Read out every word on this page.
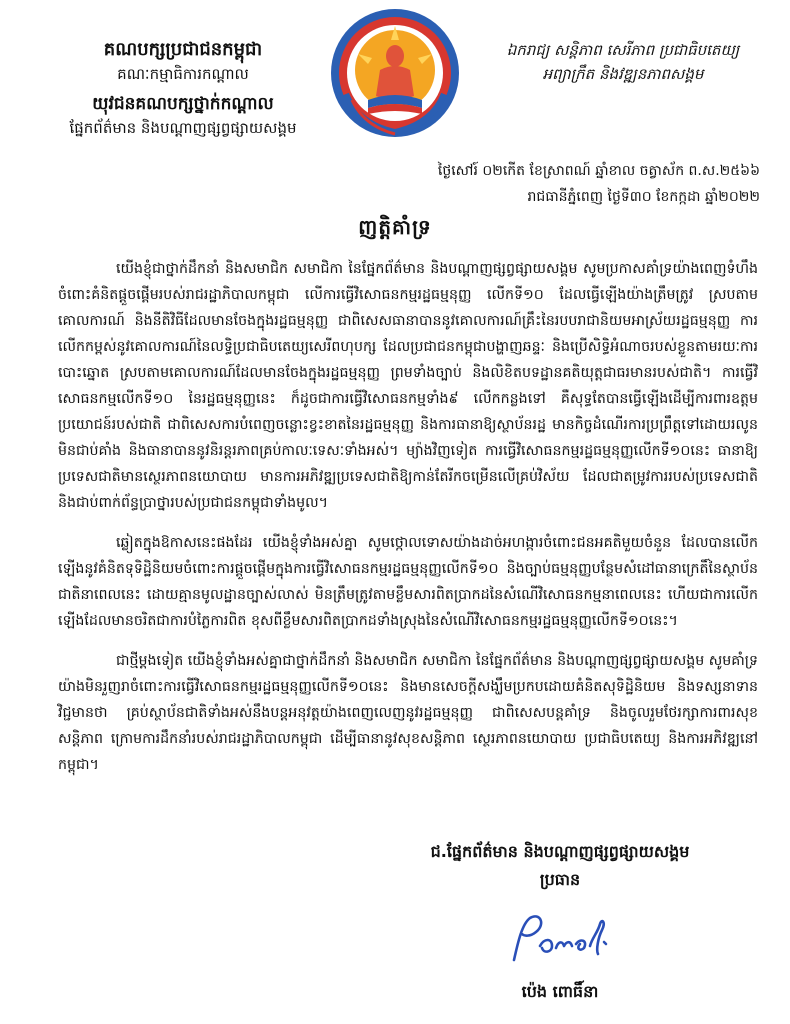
គណបក្សប្រជាជនកម្ពុជា
គណៈកម្មាធិការកណ្តាល
យុវជនគណបក្សថ្នាក់កណ្តាល
ផ្នែកព័ត៌មាន និងបណ្តាញផ្សព្វផ្សាយសង្គម
ឯករាជ្យ សន្តិភាព សេរីភាព ប្រជាធិបតេយ្យ
អព្យាក្រឹត និងវឌ្ឍនភាពសង្គម
ថ្ងៃសៅរ៍ ០២កើត ខែស្រាពណ៍ ឆ្នាំខាល ចត្វាស័ក ព.ស.២៥៦៦
រាជធានីភ្នំពេញ ថ្ងៃទី៣០ ខែកក្កដា ឆ្នាំ២០២២
ញត្តិគាំទ្រ

យើងខ្ញុំជាថ្នាក់ដឹកនាំ និងសមាជិក សមាជិកា នៃផ្នែកព័ត៌មាន និងបណ្តាញផ្សព្វផ្សាយសង្គម សូមប្រកាសគាំទ្រយ៉ាងពេញទំហឹងចំពោះគំនិតផ្តួចផ្តើមរបស់រាជរដ្ឋាភិបាលកម្ពុជា លើការធ្វើវិសោធនកម្មរដ្ឋធម្មនុញ្ញ លើកទី១០ ដែលធ្វើឡើងយ៉ាងត្រឹមត្រូវ ស្របតាមគោលការណ៍ និងនីតិវិធីដែលមានចែងក្នុងរដ្ឋធម្មនុញ្ញ ជាពិសេសធានាបាននូវគោលការណ៍គ្រឹះនៃរបបរាជានិយមអាស្រ័យរដ្ឋធម្មនុញ្ញ ការលើកកម្ពស់នូវគោលការណ៍នៃលទ្ធិប្រជាធិបតេយ្យសេរីពហុបក្ស ដែលប្រជាជនកម្ពុជាបង្ហាញឆន្ទៈ និងប្រើសិទ្ធិអំណាចរបស់ខ្លួនតាមរយៈការបោះឆ្នោត ស្របតាមគោលការណ៍ដែលមានចែងក្នុងរដ្ឋធម្មនុញ្ញ ព្រមទាំងច្បាប់ និងលិខិតបទដ្ឋានគតិយុត្តជាធរមានរបស់ជាតិ។ ការធ្វើវិសោធនកម្មលើកទី១០ នៃរដ្ឋធម្មនុញ្ញនេះ ក៏ដូចជាការធ្វើវិសោធនកម្មទាំង៩ លើកកន្លងទៅ គឺសុទ្ធតែបានធ្វើឡើងដើម្បីការពារឧត្តមប្រយោជន៍របស់ជាតិ ជាពិសេសការបំពេញចន្លោះខ្វះខាតនៃរដ្ឋធម្មនុញ្ញ និងការធានាឱ្យស្ថាប័នរដ្ឋ មានកិច្ចដំណើរការប្រព្រឹត្តទៅដោយរលូន មិនជាប់គាំង និងធានាបាននូវនិរន្តរភាពគ្រប់កាលៈទេសៈទាំងអស់។ ម្យ៉ាងវិញទៀត ការធ្វើវិសោធនកម្មរដ្ឋធម្មនុញ្ញលើកទី១០នេះ ធានាឱ្យប្រទេសជាតិមានស្ថេរភាពនយោបាយ មានការអភិវឌ្ឍប្រទេសជាតិឱ្យកាន់តែរីកចម្រើនលើគ្រប់វិស័យ ដែលជាតម្រូវការរបស់ប្រទេសជាតិ និងជាប់ពាក់ព័ន្ធប្រាថ្នារបស់ប្រជាជនកម្ពុជាទាំងមូល។

ឆ្លៀតក្នុងឱកាសនេះផងដែរ យើងខ្ញុំទាំងអស់គ្នា សូមថ្កោលទោសយ៉ាងដាច់អហង្ការចំពោះជនអគតិមួយចំនួន ដែលបានលើកឡើងនូវគំនិតទុទិដ្ឋិនិយមចំពោះការផ្តួចផ្តើមក្នុងការធ្វើវិសោធនកម្មរដ្ឋធម្មនុញ្ញលើកទី១០ និងច្បាប់ធម្មនុញ្ញបន្ថែមសំដៅធានាក្រេតិ៍នៃស្ថាប័នជាតិនាពេលនេះ ដោយគ្មានមូលដ្ឋានច្បាស់លាស់ មិនត្រឹមត្រូវតាមខ្លឹមសារពិតប្រាកដនៃសំណើវិសោធនកម្មនាពេលនេះ ហើយជាការលើកឡើងដែលមានចរិតជាការបំភ្លៃការពិត ខុសពីខ្លឹមសារពិតប្រាកដទាំងស្រុងនៃសំណើវិសោធនកម្មរដ្ឋធម្មនុញ្ញលើកទី១០នេះ។

ជាថ្មីម្តងទៀត យើងខ្ញុំទាំងអស់គ្នាជាថ្នាក់ដឹកនាំ និងសមាជិក សមាជិកា នៃផ្នែកព័ត៌មាន និងបណ្តាញផ្សព្វផ្សាយសង្គម សូមគាំទ្រយ៉ាងមិនរួញរាចំពោះការធ្វើវិសោធនកម្មរដ្ឋធម្មនុញ្ញលើកទី១០នេះ និងមានសេចក្តីសង្ឃឹមប្រកបដោយគំនិតសុទិដ្ឋិនិយម និងទស្សនាទានវិជ្ជមានថា គ្រប់ស្ថាប័នជាតិទាំងអស់នឹងបន្តអនុវត្តយ៉ាងពេញលេញនូវរដ្ឋធម្មនុញ្ញ ជាពិសេសបន្តគាំទ្រ និងចូលរួមថែរក្សាការពារសុខសន្តិភាព ក្រោមការដឹកនាំរបស់រាជរដ្ឋាភិបាលកម្ពុជា ដើម្បីធានានូវសុខសន្តិភាព ស្ថេរភាពនយោបាយ ប្រជាធិបតេយ្យ និងការអភិវឌ្ឍនៅកម្ពុជា។

ជ.ផ្នែកព័ត៌មាន និងបណ្តាញផ្សព្វផ្សាយសង្គម
ប្រធាន
ប៉េង ពោធិ៍នា
